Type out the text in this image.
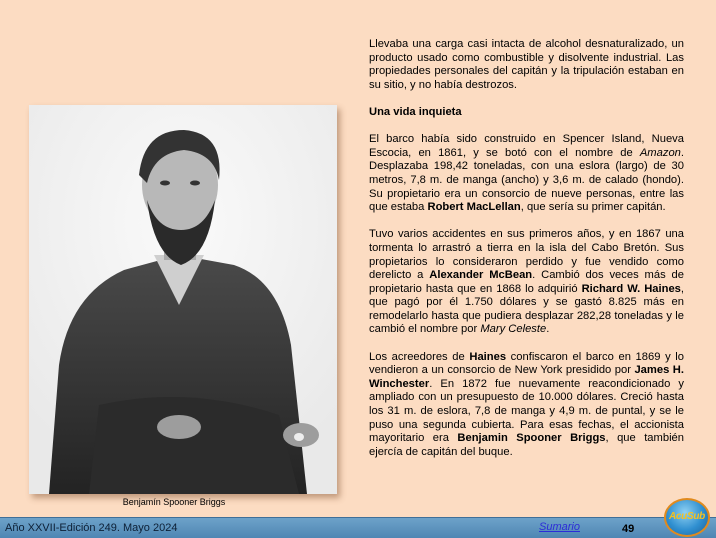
Benjamín Spooner Briggs

Llevaba una carga casi intacta de alcohol desnaturalizado, un producto usado como combustible y disolvente industrial. Las propiedades personales del capitán y la tripulación estaban en su sitio, y no había destrozos.

Una vida inquieta

El barco había sido construido en Spencer Island, Nueva Escocia, en 1861, y se botó con el nombre de Amazon. Desplazaba 198,42 toneladas, con una eslora (largo) de 30 metros, 7,8 m. de manga (ancho) y 3,6 m. de calado (hondo). Su propietario era un consorcio de nueve personas, entre las que estaba Robert MacLellan, que sería su primer capitán.

Tuvo varios accidentes en sus primeros años, y en 1867 una tormenta lo arrastró a tierra en la isla del Cabo Bretón. Sus propietarios lo consideraron perdido y fue vendido como derelicto a Alexander McBean. Cambió dos veces más de propietario hasta que en 1868 lo adquirió Richard W. Haines, que pagó por él 1.750 dólares y se gastó 8.825 más en remodelarlo hasta que pudiera desplazar 282,28 toneladas y le cambió el nombre por Mary Celeste.

Los acreedores de Haines confiscaron el barco en 1869 y lo vendieron a un consorcio de New York presidido por James H. Winchester. En 1872 fue nuevamente reacondicionado y ampliado con un presupuesto de 10.000 dólares. Creció hasta los 31 m. de eslora, 7,8 de manga y 4,9 m. de puntal, y se le puso una segunda cubierta. Para esas fechas, el accionista mayoritario era Benjamin Spooner Briggs, que también ejercía de capitán del buque.

Año XXVII-Edición 249. Mayo 2024	Sumario	49
AcuSub
